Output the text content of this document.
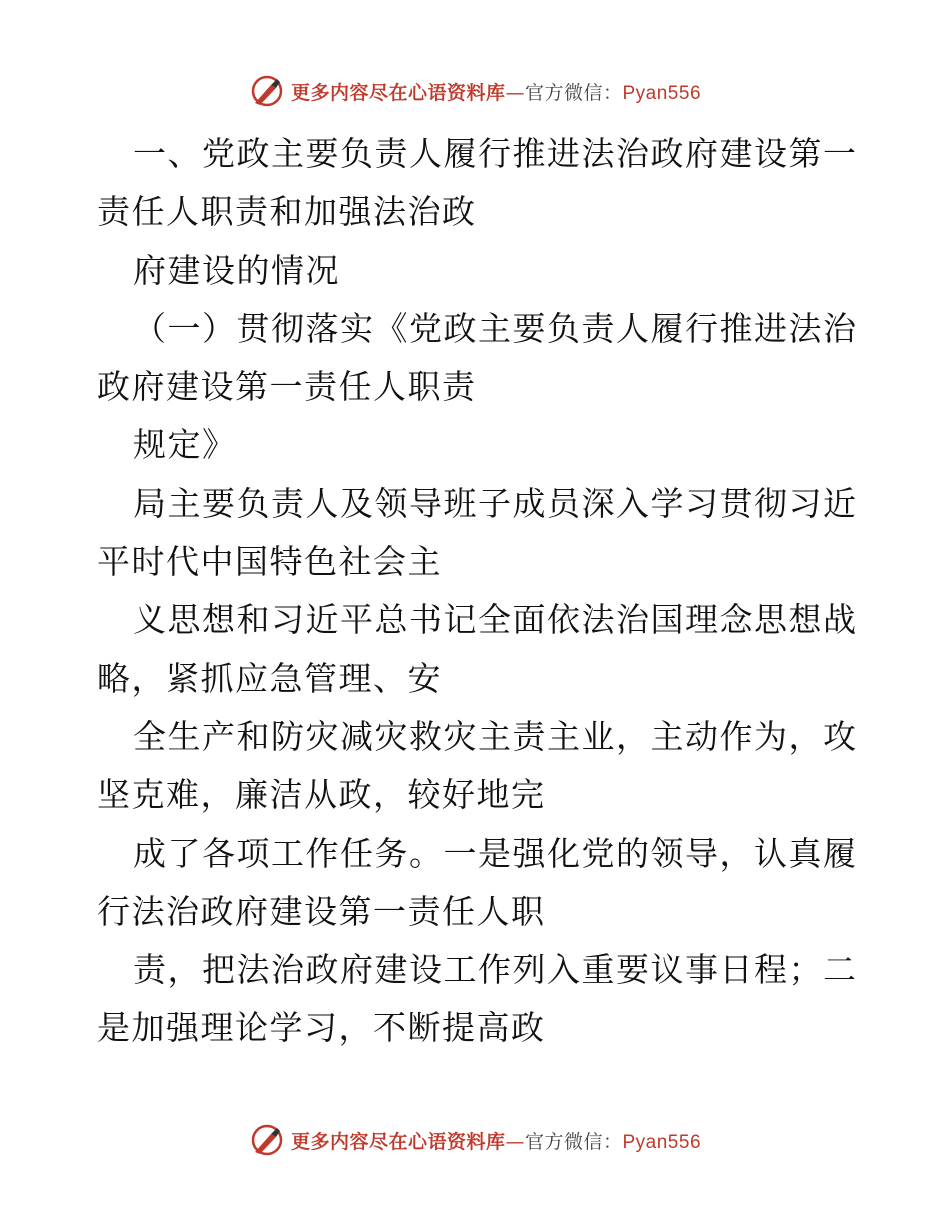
更多内容尽在心语资料库—官方微信：Pyan556
一、党政主要负责人履行推进法治政府建设第一
责任人职责和加强法治政
府建设的情况
（一）贯彻落实《党政主要负责人履行推进法治
政府建设第一责任人职责
规定》
局主要负责人及领导班子成员深入学习贯彻习近
平时代中国特色社会主
义思想和习近平总书记全面依法治国理念思想战
略，紧抓应急管理、安
全生产和防灾减灾救灾主责主业，主动作为，攻
坚克难，廉洁从政，较好地完
成了各项工作任务。一是强化党的领导，认真履
行法治政府建设第一责任人职
责，把法治政府建设工作列入重要议事日程；二
是加强理论学习，不断提高政
更多内容尽在心语资料库—官方微信：Pyan556
